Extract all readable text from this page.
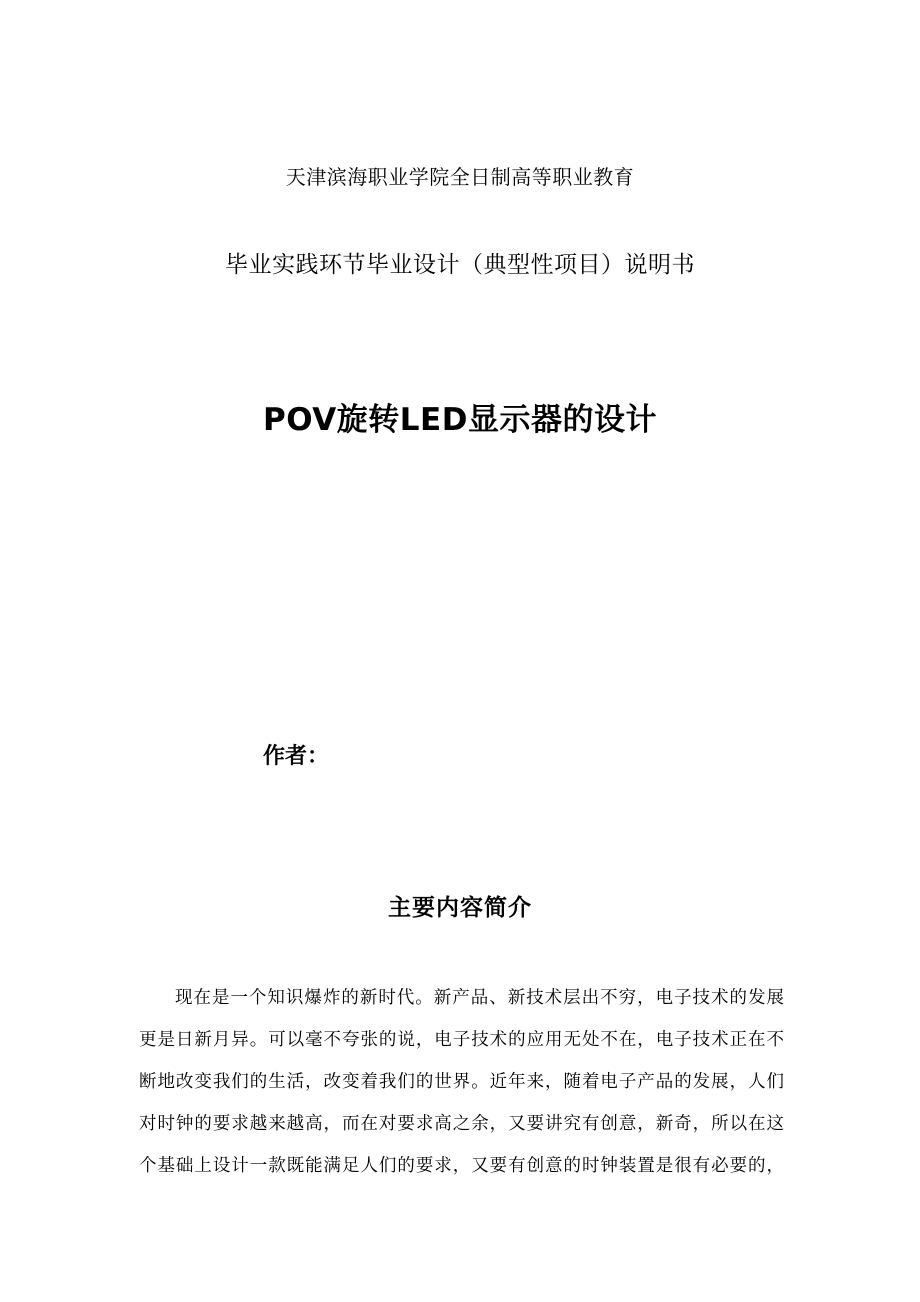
天津滨海职业学院全日制高等职业教育
毕业实践环节毕业设计（典型性项目）说明书
POV旋转LED显示器的设计
作者：
主要内容简介
现在是一个知识爆炸的新时代。新产品、新技术层出不穷，电子技术的发展
更是日新月异。可以毫不夸张的说，电子技术的应用无处不在，电子技术正在不
断地改变我们的生活，改变着我们的世界。近年来，随着电子产品的发展，人们
对时钟的要求越来越高，而在对要求高之余，又要讲究有创意，新奇，所以在这
个基础上设计一款既能满足人们的要求，又要有创意的时钟装置是很有必要的，
